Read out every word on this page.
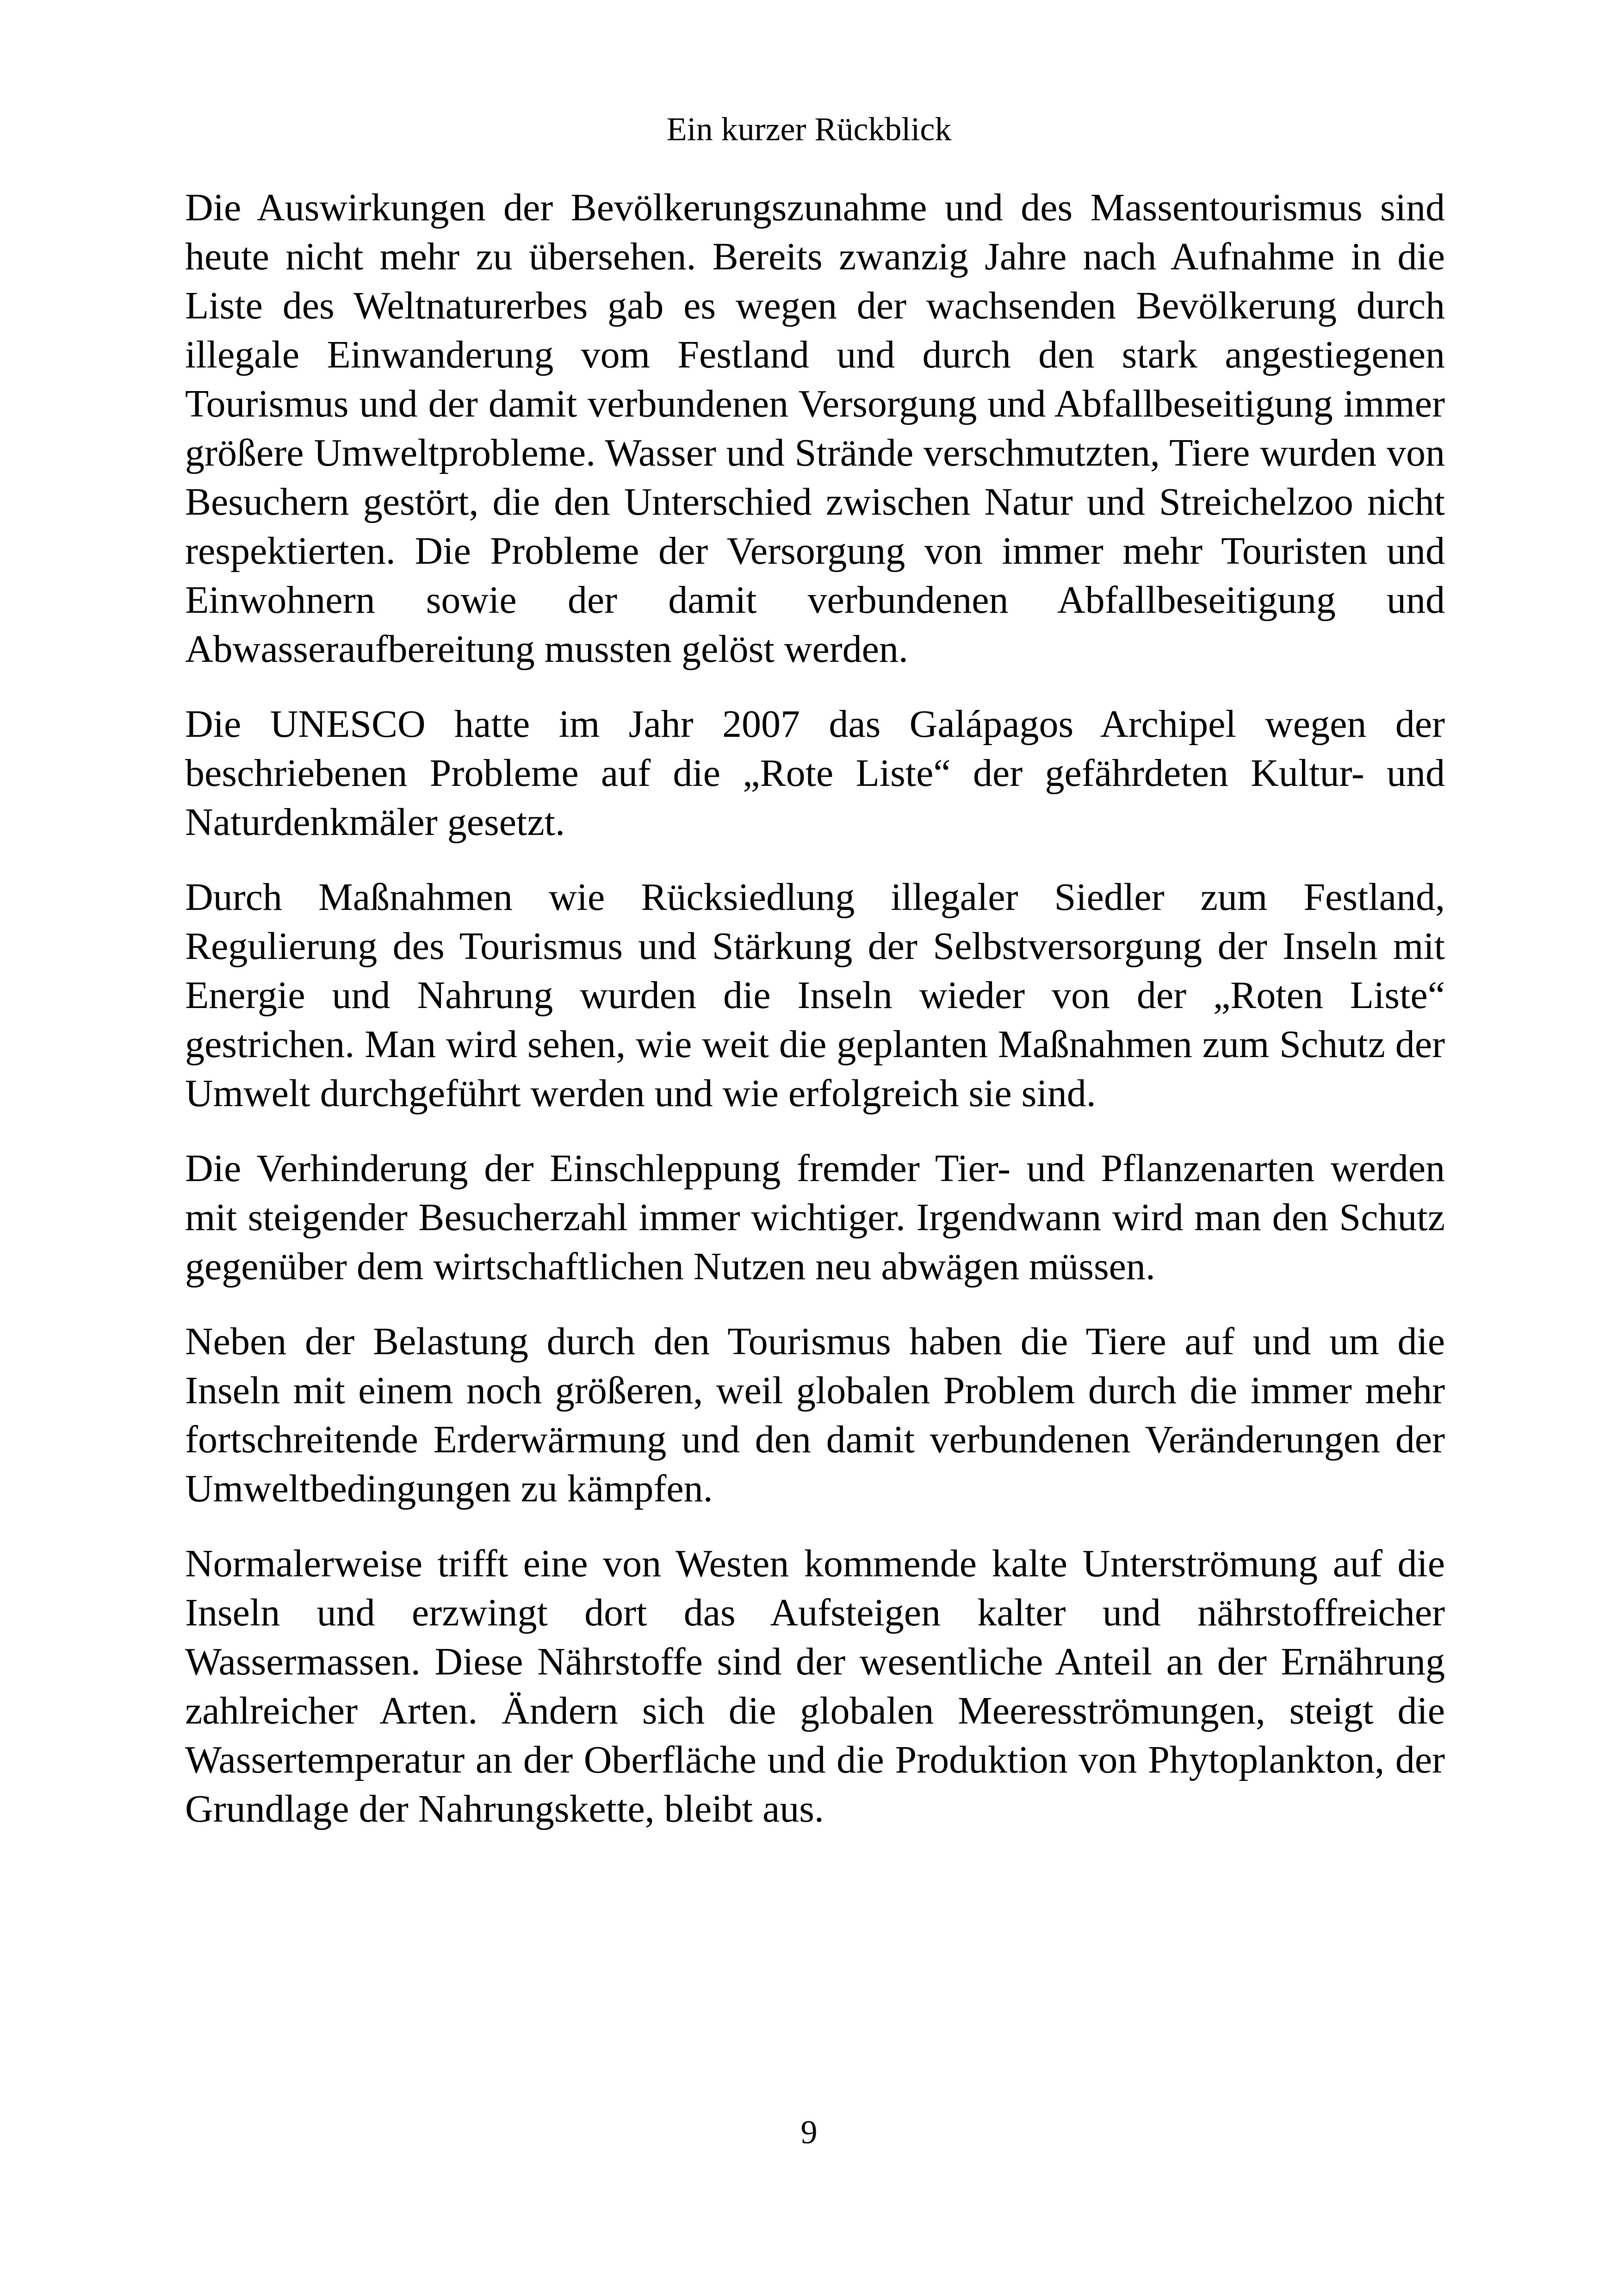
Ein kurzer Rückblick

Die Auswirkungen der Bevölkerungszunahme und des Massentourismus sind heute nicht mehr zu übersehen. Bereits zwanzig Jahre nach Aufnahme in die Liste des Weltnaturerbes gab es wegen der wachsenden Bevölkerung durch illegale Einwanderung vom Festland und durch den stark angestiegenen Tourismus und der damit verbundenen Versorgung und Abfallbeseitigung immer größere Umweltprobleme. Wasser und Strände verschmutzten, Tiere wurden von Besuchern gestört, die den Unterschied zwischen Natur und Streichelzoo nicht respektierten. Die Probleme der Versorgung von immer mehr Touristen und Einwohnern sowie der damit verbundenen Abfallbeseitigung und Abwasseraufbereitung mussten gelöst werden.

Die UNESCO hatte im Jahr 2007 das Galápagos Archipel wegen der beschriebenen Probleme auf die „Rote Liste“ der gefährdeten Kultur- und Naturdenkmäler gesetzt.

Durch Maßnahmen wie Rücksiedlung illegaler Siedler zum Festland, Regulierung des Tourismus und Stärkung der Selbstversorgung der Inseln mit Energie und Nahrung wurden die Inseln wieder von der „Roten Liste“ gestrichen. Man wird sehen, wie weit die geplanten Maßnahmen zum Schutz der Umwelt durchgeführt werden und wie erfolgreich sie sind.

Die Verhinderung der Einschleppung fremder Tier- und Pflanzenarten werden mit steigender Besucherzahl immer wichtiger. Irgendwann wird man den Schutz gegenüber dem wirtschaftlichen Nutzen neu abwägen müssen.

Neben der Belastung durch den Tourismus haben die Tiere auf und um die Inseln mit einem noch größeren, weil globalen Problem durch die immer mehr fortschreitende Erderwärmung und den damit verbundenen Veränderungen der Umweltbedingungen zu kämpfen.

Normalerweise trifft eine von Westen kommende kalte Unterströmung auf die Inseln und erzwingt dort das Aufsteigen kalter und nährstoffreicher Wassermassen. Diese Nährstoffe sind der wesentliche Anteil an der Ernährung zahlreicher Arten. Ändern sich die globalen Meeresströmungen, steigt die Wassertemperatur an der Oberfläche und die Produktion von Phytoplankton, der Grundlage der Nahrungskette, bleibt aus.

9
